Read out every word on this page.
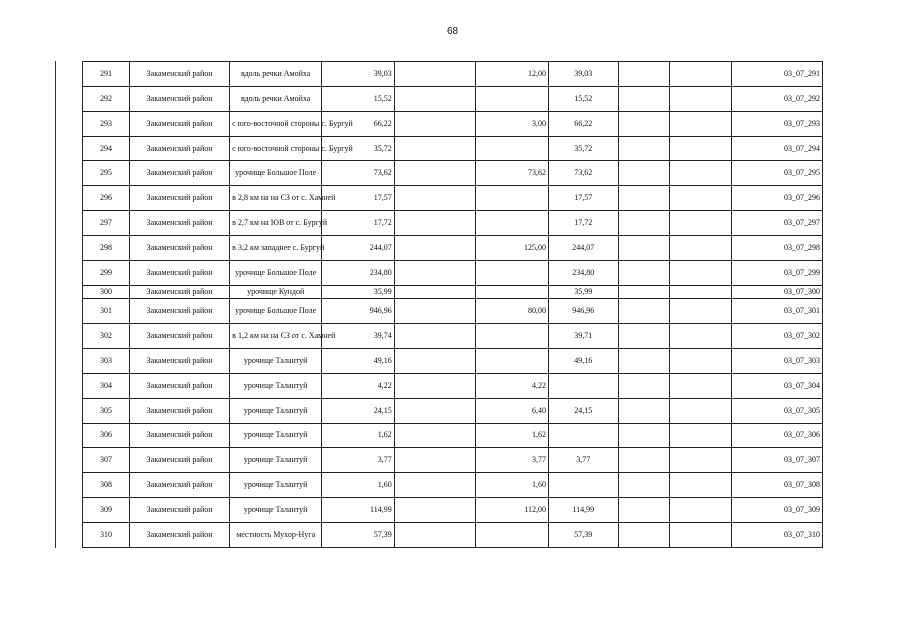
68
291	Закаменский район	вдоль речки Амойха	39,03		12,00	39,03			03_07_291
292	Закаменский район	вдоль речки Амойха	15,52			15,52			03_07_292
293	Закаменский район	с юго-восточной стороны с. Бургуй	66,22		3,00	66,22			03_07_293
294	Закаменский район	с юго-восточной стороны с. Бургуй	35,72			35,72			03_07_294
295	Закаменский район	урочище Большое Поле	73,62		73,62	73,62			03_07_295
296	Закаменский район	в 2,8 км на на СЗ от с. Хамней	17,57			17,57			03_07_296
297	Закаменский район	в 2,7 км на ЮВ от с. Бургуй	17,72			17,72			03_07_297
298	Закаменский район	в 3,2 км западнее с. Бургуй	244,07		125,00	244,07			03_07_298
299	Закаменский район	урочище Большое Поле	234,80			234,80			03_07_299
300	Закаменский район	урочище Кундой	35,99			35,99			03_07_300
301	Закаменский район	урочище Большое Поле	946,96		80,00	946,96			03_07_301
302	Закаменский район	в 1,2 км на на СЗ от с. Хамней	39,74			39,71			03_07_302
303	Закаменский район	урочище Талантуй	49,16			49,16			03_07_303
304	Закаменский район	урочище Талантуй	4,22		4,22				03_07_304
305	Закаменский район	урочище Талантуй	24,15		6,40	24,15			03_07_305
306	Закаменский район	урочище Талантуй	1,62		1,62				03_07_306
307	Закаменский район	урочище Талантуй	3,77		3,77	3,77			03_07_307
308	Закаменский район	урочище Талантуй	1,60		1,60				03_07_308
309	Закаменский район	урочище Талантуй	114,99		112,00	114,99			03_07_309
310	Закаменский район	местность Мухор-Нуга	57,39			57,39			03_07_310
